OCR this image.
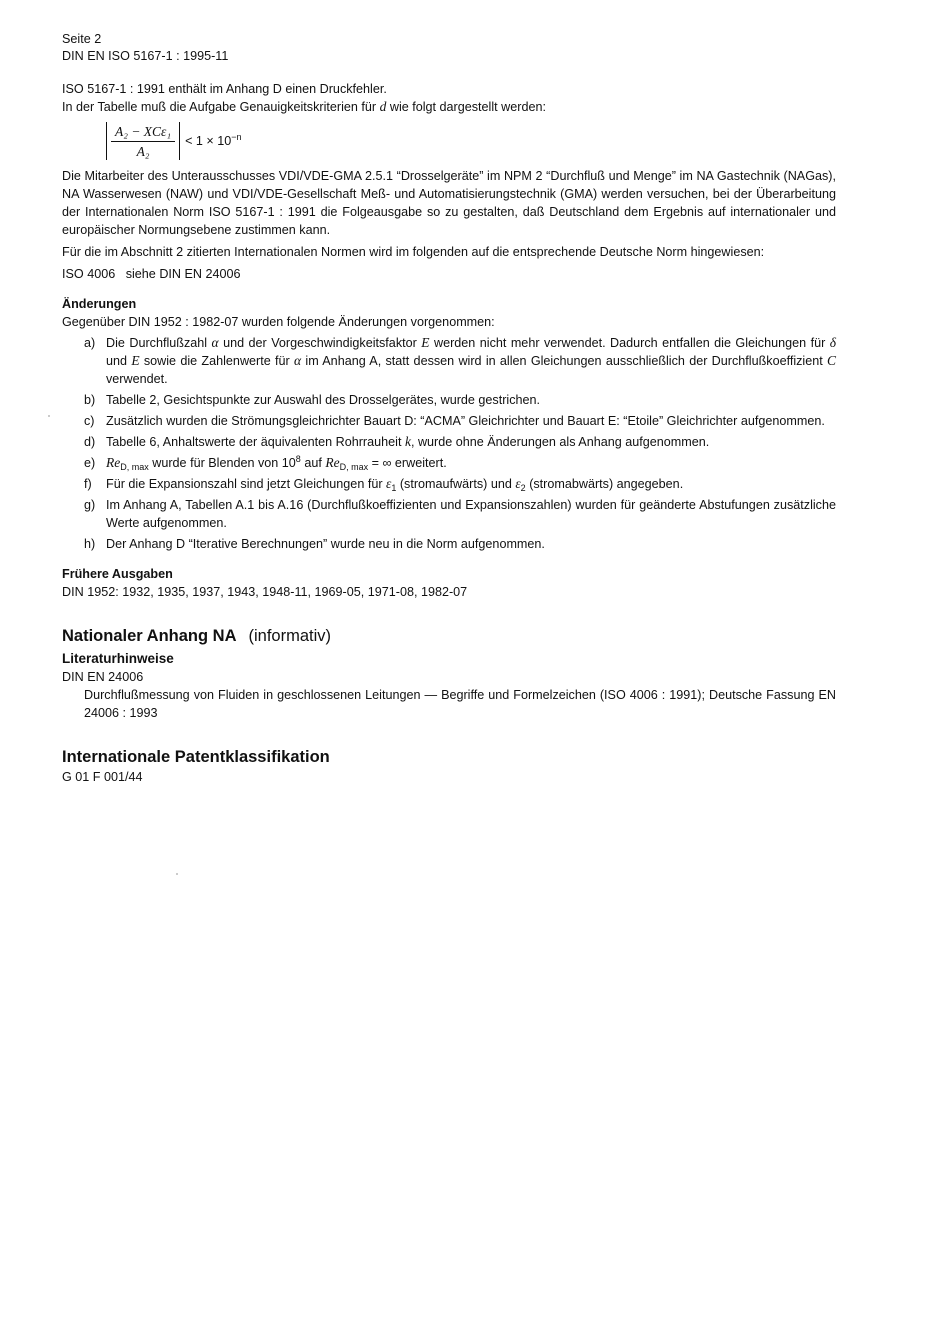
Seite 2

DIN EN ISO 5167-1 : 1995-11

ISO 5167-1 : 1991 enthält im Anhang D einen Druckfehler.

In der Tabelle muß die Aufgabe Genauigkeitskriterien für d wie folgt dargestellt werden:

$\frac{\text{A₂ − XCε₁}}{\text{A₂}} < 1 \times 10^{-n}$

Die Mitarbeiter des Unterausschusses VDI/VDE-GMA 2.5.1 “Drosselgeräte” im NPM 2 “Durchfluß und Menge” im NA Gastechnik (NAGas), NA Wasserwesen (NAW) und VDI/VDE-Gesellschaft Meß- und Automatisierungstechnik (GMA) werden versuchen, bei der Überarbeitung der Internationalen Norm ISO 5167-1 : 1991 die Folgeausgabe so zu gestalten, daß Deutschland dem Ergebnis auf internationaler und europäischer Normungsebene zustimmen kann.

Für die im Abschnitt 2 zitierten Internationalen Normen wird im folgenden auf die entsprechende Deutsche Norm hingewiesen:

ISO 4006   siehe DIN EN 24006

Änderungen

Gegenüber DIN 1952 : 1982-07 wurden folgende Änderungen vorgenommen:

a) Die Durchflußzahl α und der Vorgeschwindigkeitsfaktor E werden nicht mehr verwendet. Dadurch entfallen die Gleichungen für δ und E sowie die Zahlenwerte für α im Anhang A, statt dessen wird in allen Gleichungen ausschließlich der Durchflußkoeffizient C verwendet.
b) Tabelle 2, Gesichtspunkte zur Auswahl des Drosselgerätes, wurde gestrichen.
c) Zusätzlich wurden die Strömungsgleichrichter Bauart D: “ACMA” Gleichrichter und Bauart E: “Etoile” Gleichrichter aufgenommen.
d) Tabelle 6, Anhaltswerte der äquivalenten Rohrrauheit k, wurde ohne Änderungen als Anhang aufgenommen.
e) $Re_{D, max}$ wurde für Blenden von $10^8$ auf $Re_{D, max}$ = ∞ erweitert.
f)	Für die Expansionszahl sind jetzt Gleichungen für $\varepsilon_1$ (stromaufwärts) und $\varepsilon_2$ (stromabwärts) angegeben.
g) Im Anhang A, Tabellen A.1 bis A.16 (Durchflußkoeffizienten und Expansionszahlen) wurden für geänderte Abstufungen zusätzliche Werte aufgenommen.
h) Der Anhang D “Iterative Berechnungen” wurde neu in die Norm aufgenommen.
Frühere Ausgaben

DIN 1952: 1932, 1935, 1937, 1943, 1948-11, 1969-05, 1971-08, 1982-07

Nationaler Anhang NA (informativ)
Literaturhinweise

DIN EN 24006

Durchflußmessung von Fluiden in geschlossenen Leitungen — Begriffe und Formelzeichen (ISO 4006 : 1991); Deutsche Fassung EN 24006 : 1993

Internationale Patentklassifikation

G 01 F 001/44
